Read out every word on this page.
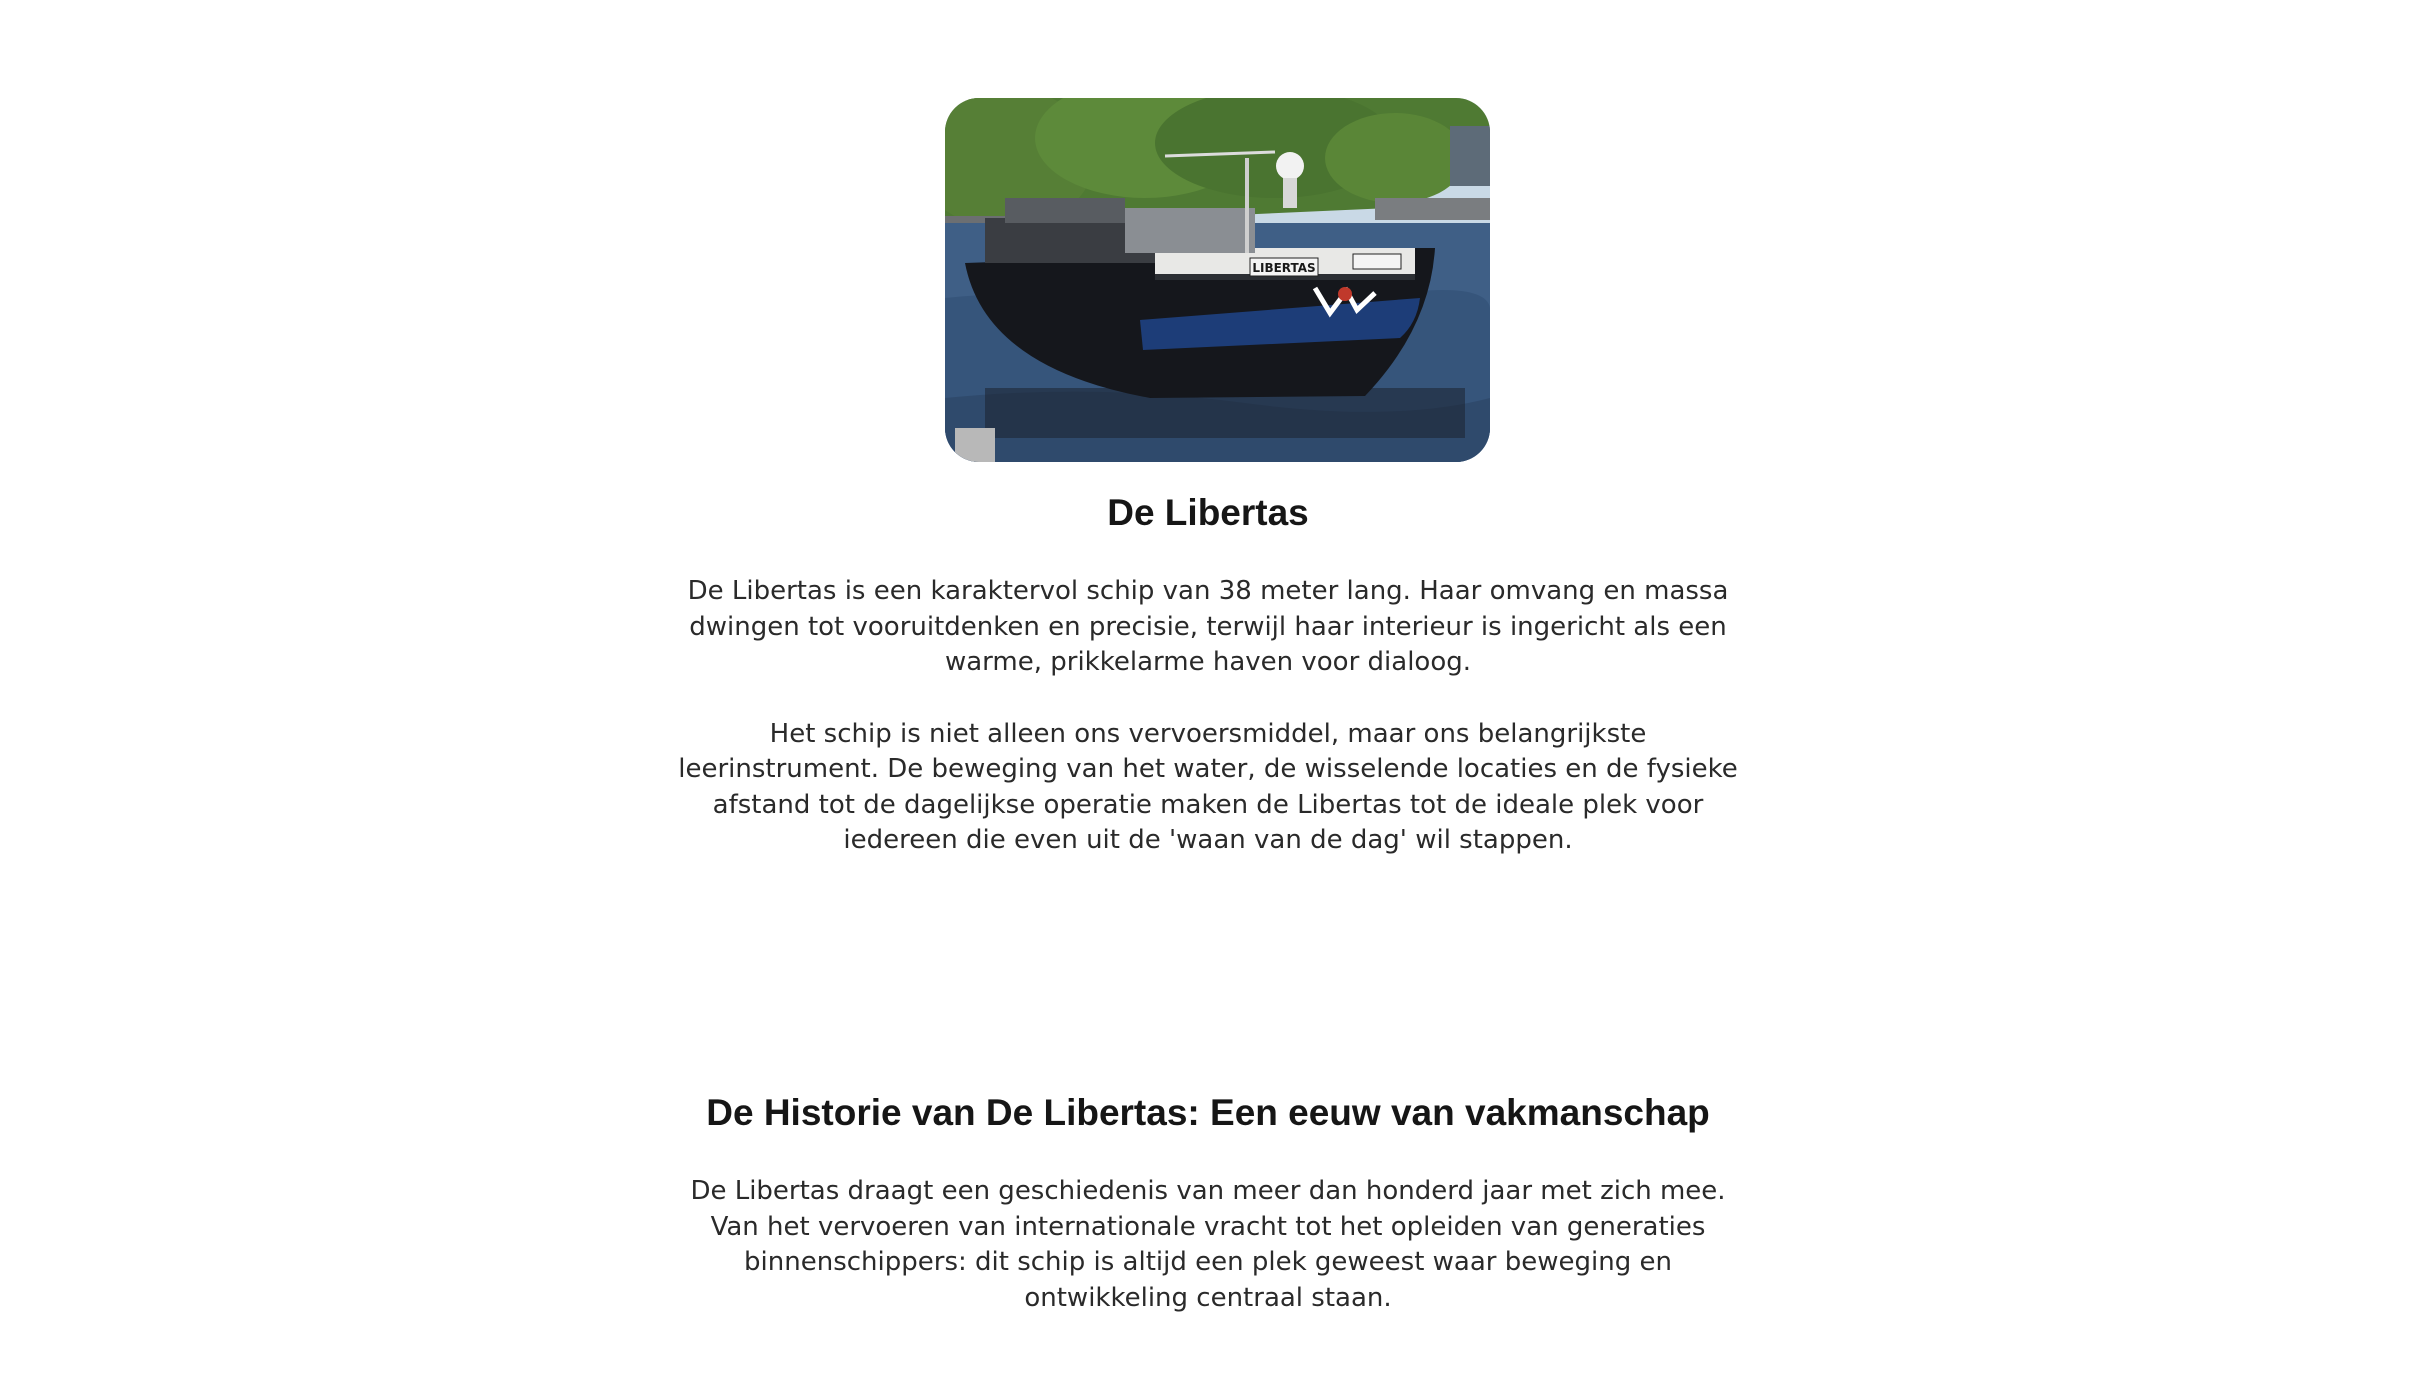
LIBERTAS
De Libertas

De Libertas is een karaktervol schip van 38 meter lang. Haar omvang en massa dwingen tot vooruitdenken en precisie, terwijl haar interieur is ingericht als een warme, prikkelarme haven voor dialoog.

Het schip is niet alleen ons vervoersmiddel, maar ons belangrijkste leerinstrument. De beweging van het water, de wisselende locaties en de fysieke afstand tot de dagelijkse operatie maken de Libertas tot de ideale plek voor iedereen die even uit de 'waan van de dag' wil stappen.

De Historie van De Libertas: Een eeuw van vakmanschap

De Libertas draagt een geschiedenis van meer dan honderd jaar met zich mee. Van het vervoeren van internationale vracht tot het opleiden van generaties binnenschippers: dit schip is altijd een plek geweest waar beweging en ontwikkeling centraal staan.
